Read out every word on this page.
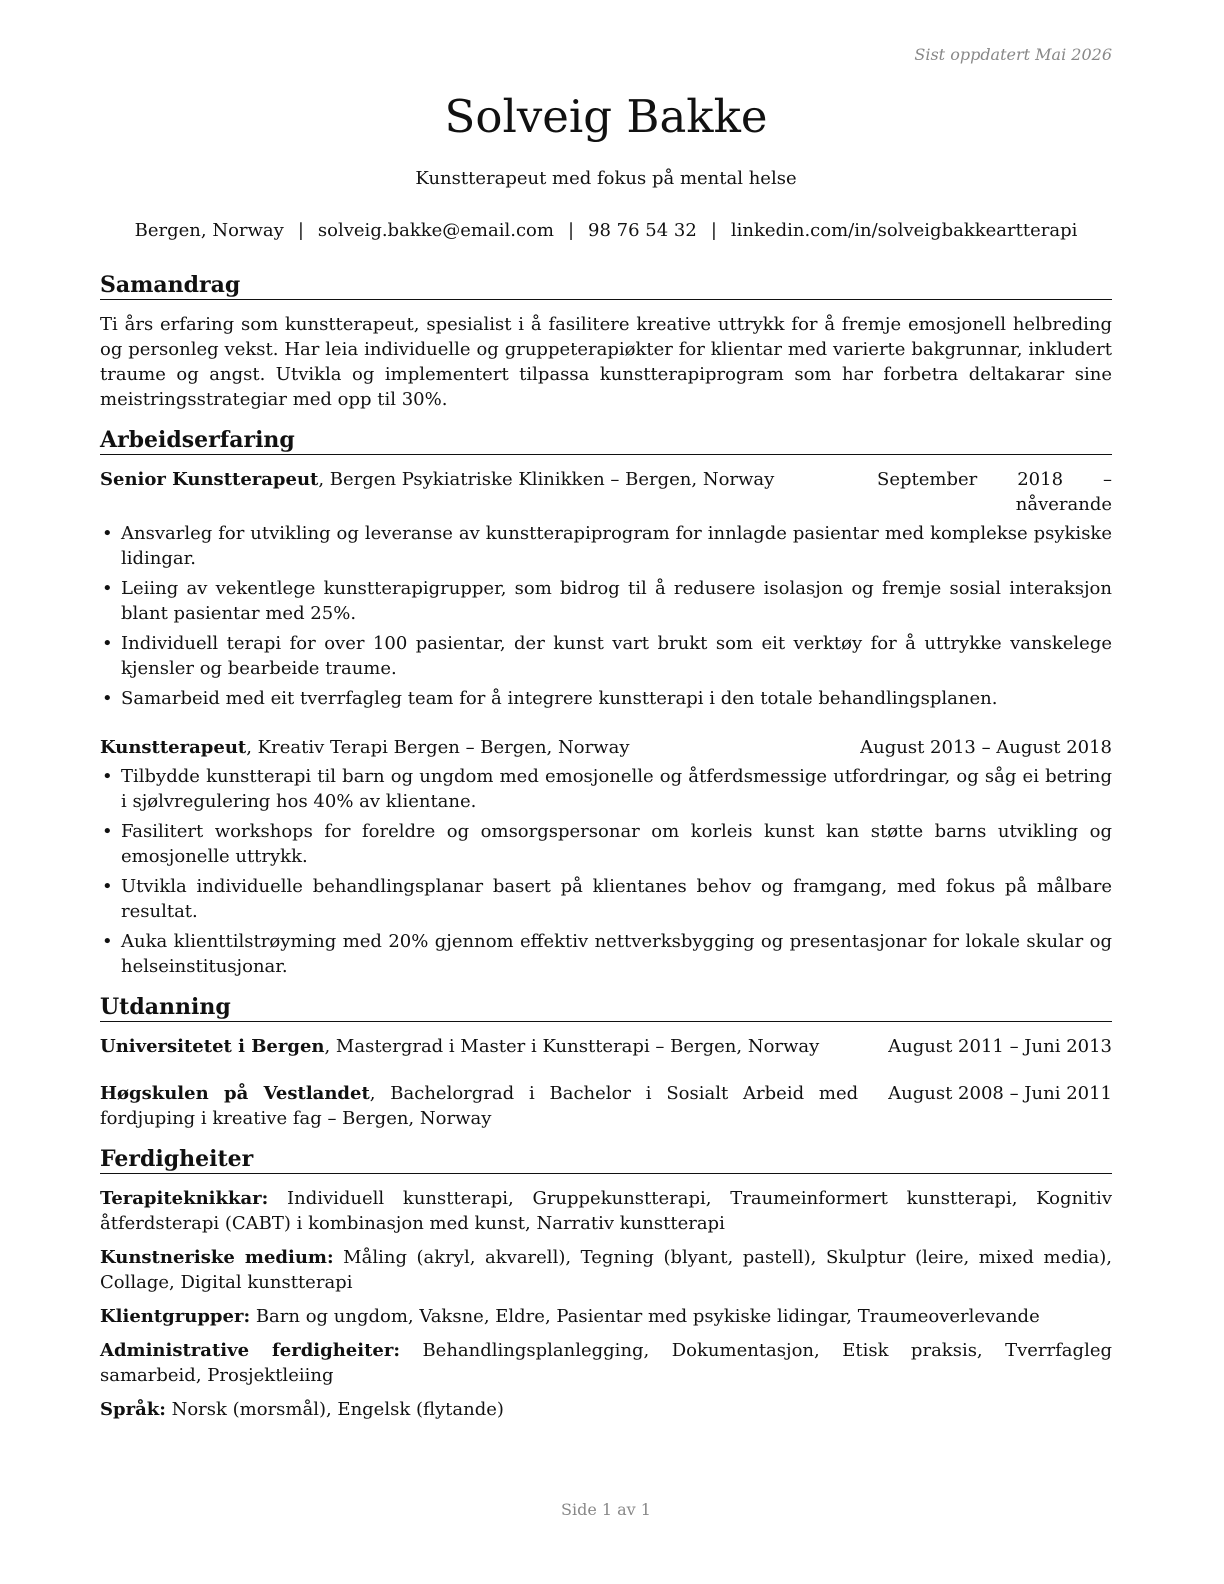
Sist oppdatert Mai 2026
Solveig Bakke
Kunstterapeut med fokus på mental helse
Bergen, Norway | solveig.bakke@email.com | 98 76 54 32 | linkedin.com/in/solveigbakkeartterapi
Samandrag

Ti års erfaring som kunstterapeut, spesialist i å fasilitere kreative uttrykk for å fremje emosjonell helbreding og personleg vekst. Har leia individuelle og gruppeterapiøkter for klientar med varierte bakgrunnar, inkludert traume og angst. Utvikla og implementert tilpassa kunstterapiprogram som har forbetra deltakarar sine meistringsstrategiar med opp til 30%.

Arbeidserfaring
Senior Kunstterapeut, Bergen Psykiatriske Klinikken – Bergen, Norway	September 2018 – nåverande
• Ansvarleg for utvikling og leveranse av kunstterapiprogram for innlagde pasientar med komplekse psykiske lidingar.
• Leiing av vekentlege kunstterapigrupper, som bidrog til å redusere isolasjon og fremje sosial interaksjon blant pasientar med 25%.
• Individuell terapi for over 100 pasientar, der kunst vart brukt som eit verktøy for å uttrykke vanskelege kjensler og bearbeide traume.
• Samarbeid med eit tverrfagleg team for å integrere kunstterapi i den totale behandlingsplanen.
Kunstterapeut, Kreativ Terapi Bergen – Bergen, Norway	August 2013 – August 2018
• Tilbydde kunstterapi til barn og ungdom med emosjonelle og åtferdsmessige utfordringar, og såg ei betring i sjølvregulering hos 40% av klientane.
• Fasilitert workshops for foreldre og omsorgspersonar om korleis kunst kan støtte barns utvikling og emosjonelle uttrykk.
• Utvikla individuelle behandlingsplanar basert på klientanes behov og framgang, med fokus på målbare resultat.
• Auka klienttilstrøyming med 20% gjennom effektiv nettverksbygging og presentasjonar for lokale skular og helseinstitusjonar.
Utdanning
Universitetet i Bergen, Mastergrad i Master i Kunstterapi – Bergen, Norway	August 2011 – Juni 2013
Høgskulen på Vestlandet, Bachelorgrad i Bachelor i Sosialt Arbeid med fordjuping i kreative fag – Bergen, Norway
August 2008 – Juni 2011
Ferdigheiter
Terapiteknikkar: Individuell kunstterapi, Gruppekunstterapi, Traumeinformert kunstterapi, Kognitiv åtferdsterapi (CABT) i kombinasjon med kunst, Narrativ kunstterapi
Kunstneriske medium: Måling (akryl, akvarell), Tegning (blyant, pastell), Skulptur (leire, mixed media), Collage, Digital kunstterapi
Klientgrupper: Barn og ungdom, Vaksne, Eldre, Pasientar med psykiske lidingar, Traumeoverlevande
Administrative ferdigheiter: Behandlingsplanlegging, Dokumentasjon, Etisk praksis, Tverrfagleg samarbeid, Prosjektleiing
Språk: Norsk (morsmål), Engelsk (flytande)
Side 1 av 1
